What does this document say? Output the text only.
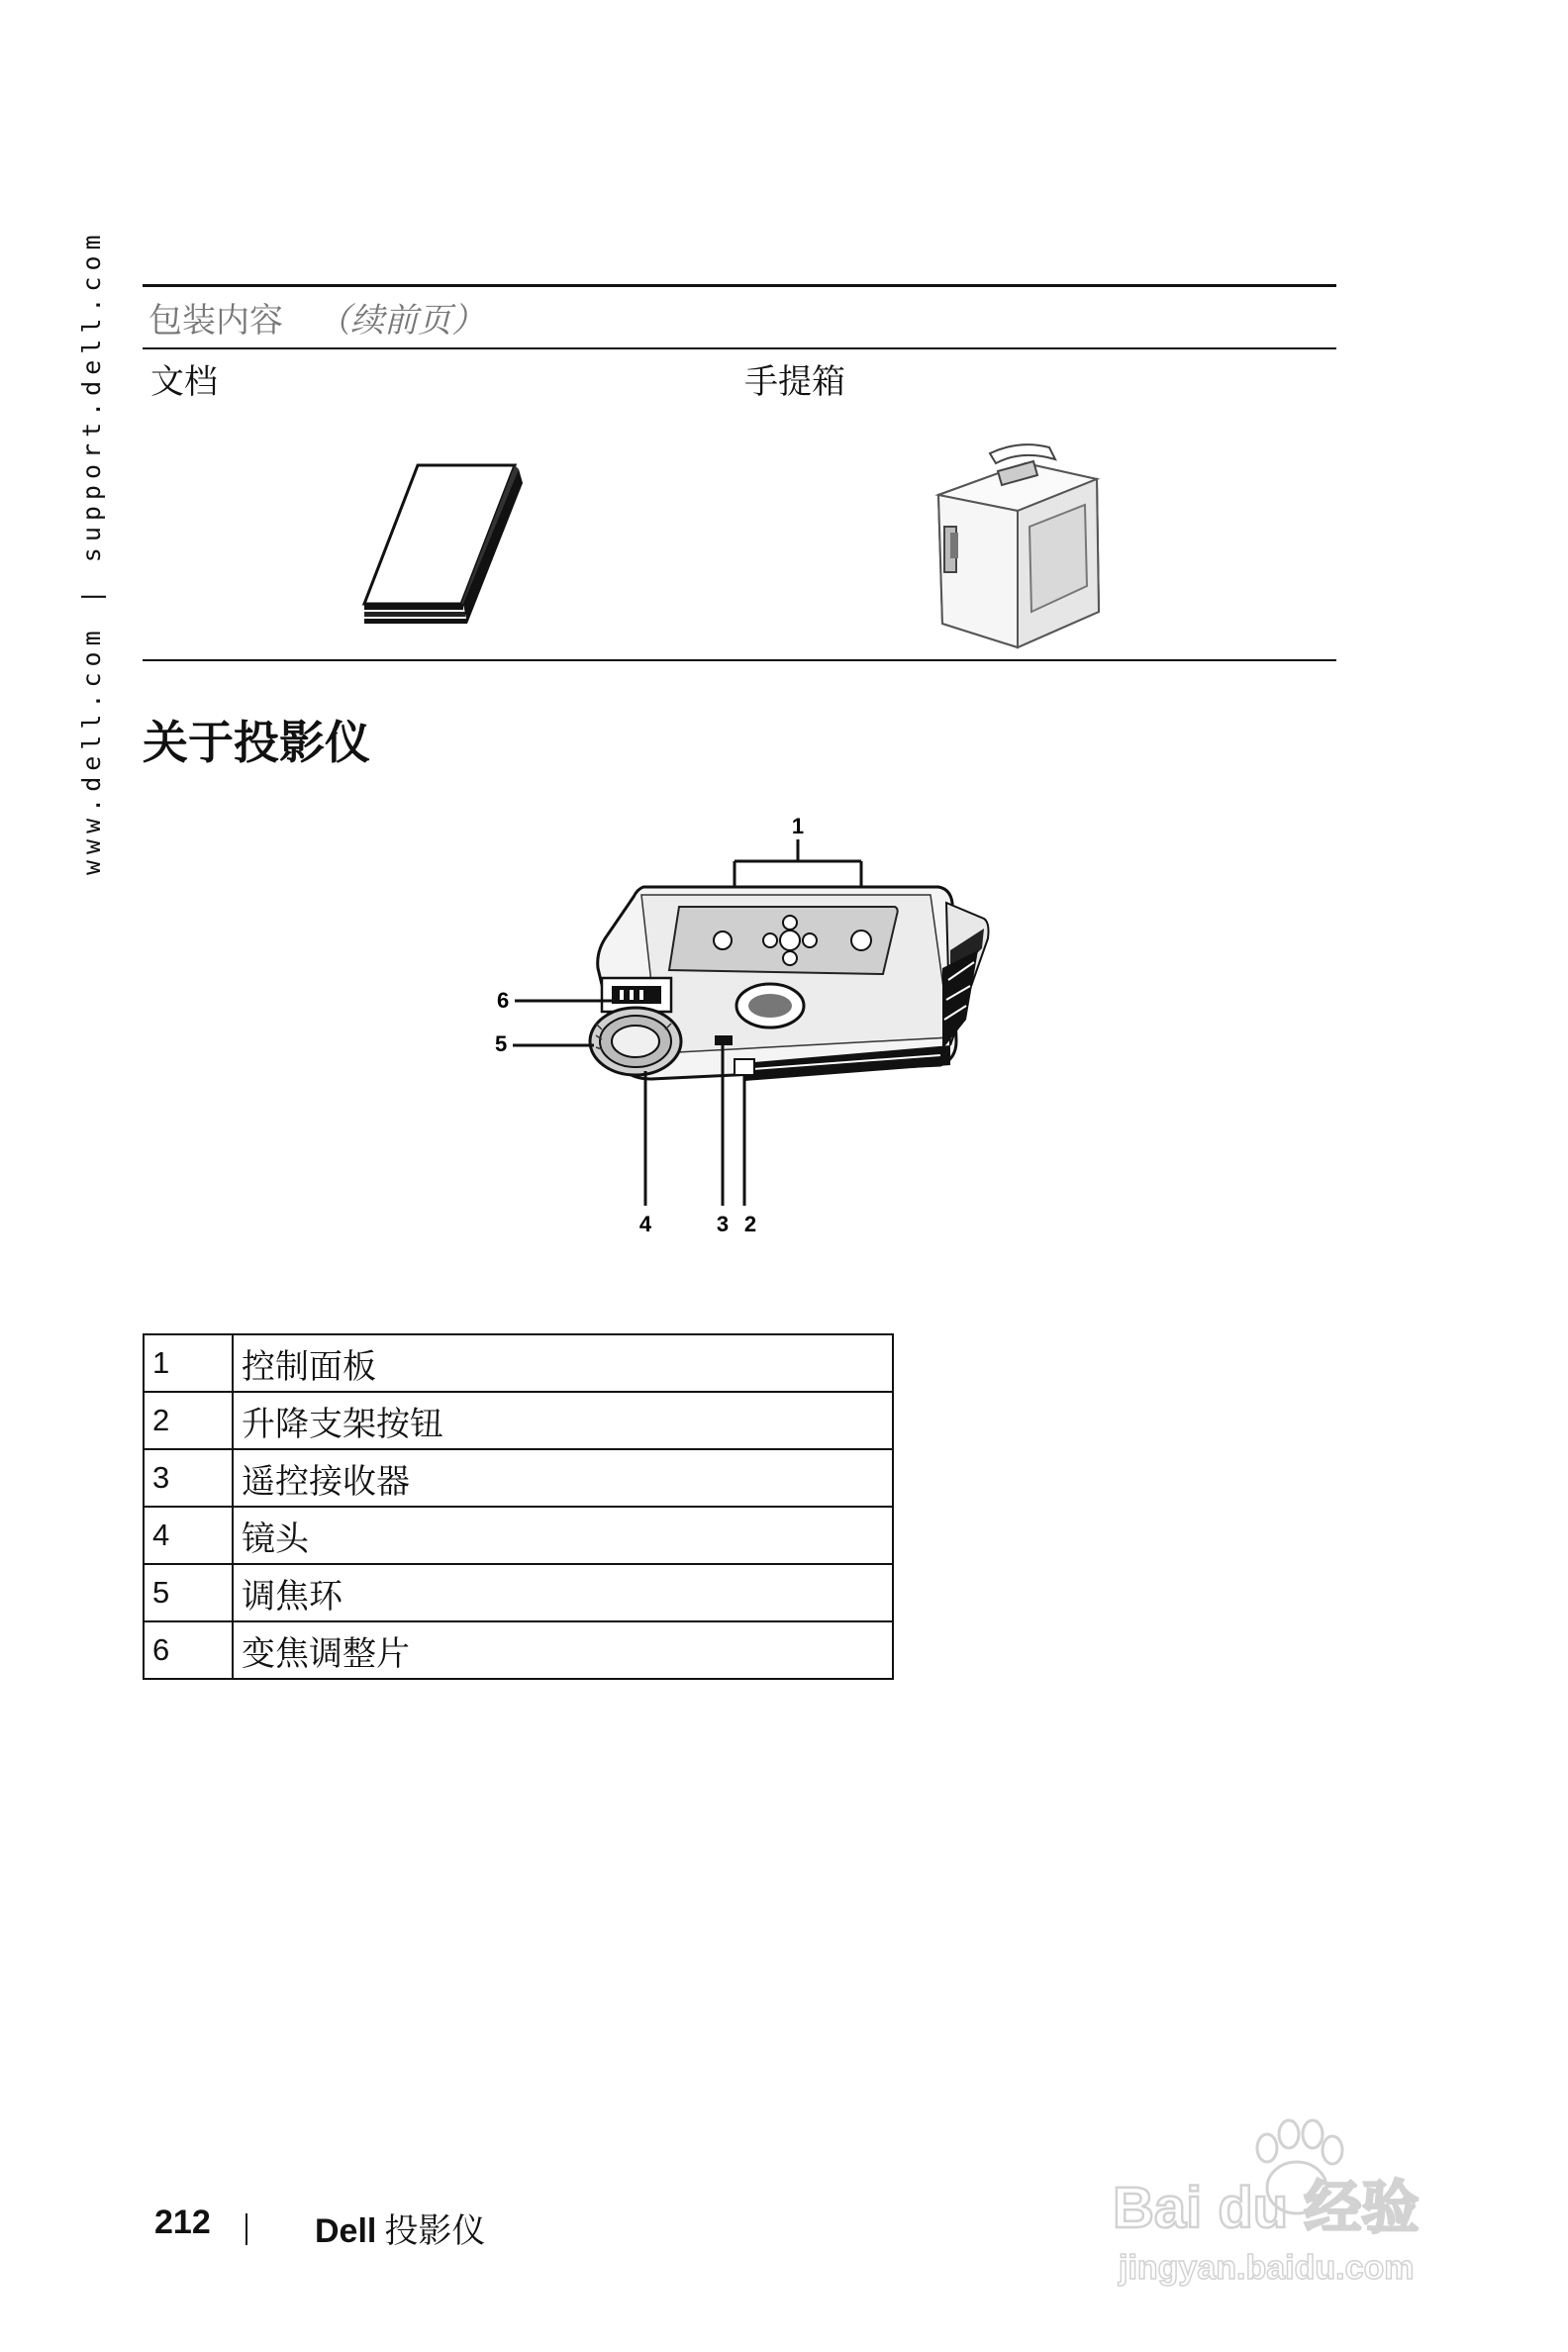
www.dell.com | support.dell.com 包装内容 （续前页）
文档	手提箱
关于投影仪
1
6
5
4	3 2
1	控制面板
2	升降支架按钮
3	遥控接收器
4	镜头
5	调焦环
6	变焦调整片
212	Dell 投影仪	Bai du 经验
jingyan.baidu.com
